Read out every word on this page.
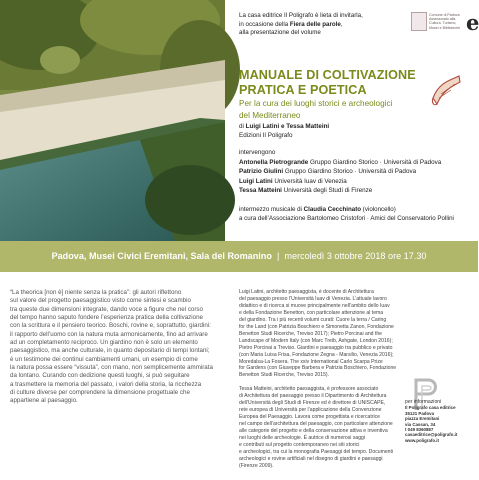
La casa editrice Il Poligrafo è lieta di invitarla,
in occasione della Fiera delle parole,
alla presentazione del volume
Comune di Padova
Assessorato alla Cultura, Turismo,
Musei e Biblioteche e
MANUALE DI COLTIVAZIONE
PRATICA E POETICA
Per la cura dei luoghi storici e archeologici
del Mediterraneo
di Luigi Latini e Tessa Matteini
Edizioni Il Poligrafo
intervengono
Antonella Pietrogrande Gruppo Giardino Storico · Università di Padova
Patrizio Giulini Gruppo Giardino Storico · Università di Padova
Luigi Latini Università Iuav di Venezia
Tessa Matteini Università degli Studi di Firenze
intermezzo musicale di Claudia Cecchinato (violoncello)
a cura dell’Associazione Bartolomeo Cristofori · Amici del Conservatorio Pollini
Padova, Musei Civici Eremitani, Sala del Romanino  |  mercoledì 3 ottobre 2018 ore 17.30
“La theorica [non è] niente senza la pratica”: gli autori riflettono
sul valore del progetto paesaggistico visto come sintesi e scambio
tra queste due dimensioni integrate, dando voce a figure che nel corso
del tempo hanno saputo fondere l’esperienza pratica della coltivazione
con la scrittura e il pensiero teorico. Boschi, rovine e, soprattutto, giardini:
il rapporto dell’uomo con la natura muta armonicamente, fino ad arrivare
ad un completamento reciproco. Un giardino non è solo un elemento
paesaggistico, ma anche culturale, in quanto depositario di tempi lontani;
è un testimone dei continui cambiamenti umani, un esempio di come
la natura possa essere “vissuta”, con mano, non semplicemente ammirata
da lontano. Curando con dedizione questi luoghi, si può seguitare
a trasmettere la memoria del passato, i valori della storia, la ricchezza
di culture diverse per comprendere la dimensione progettuale che
appartiene al paesaggio.

Luigi Latini, architetto paesaggista, è docente di Architettura
del paesaggio presso l’Università Iuav di Venezia. L’attuale lavoro
didattico e di ricerca si muove principalmente nell’ambito dello Iuav
e della Fondazione Benetton, con particolare attenzione al tema
del giardino. Tra i più recenti volumi curati: Cuore la terra / Caring
for the Land (con Patrizia Boschiero e Simonetta Zanon, Fondazione
Benetton Studi Ricerche, Treviso 2017); Pietro Porcinai and the
Landscape of Modern Italy (con Marc Treib, Ashgate, London 2016);
Pietro Porcinai a Treviso. Giardini e paesaggio tra pubblico e privato
(con Maria Luisa Frisa, Fondazione Zegna - Marsilio, Venezia 2016);
Moredalsa-La Fosera. The xxiv International Carlo Scarpa Prize
for Gardens (con Giuseppe Barbera e Patrizia Boschiero, Fondazione
Benetton Studi Ricerche, Treviso 2015).

Tessa Matteini, architetto paesaggista, è professore associato
di Architettura del paesaggio presso il Dipartimento di Architettura
dell’Università degli Studi di Firenze ed è direttore di UNISCAPE,
rete europea di Università per l’applicazione della Convenzione
Europea del Paesaggio. Lavora come progettista e ricercatrice
nel campo dell’architettura del paesaggio, con particolare attenzione
alle categorie del progetto e della conservazione attiva e inventiva
nei luoghi delle archeologie. È autrice di numerosi saggi
e contributi sul progetto contemporaneo nei siti storici
e archeologici, tra cui la monografia Paesaggi del tempo. Documenti
archeologici e rovine artificiali nel disegno di giardini e paesaggi
(Firenze 2009).

per informazioni
Il Poligrafo casa editrice
35121 Padova
piazza Eremitani
via Cassan, 34
t 049 8360887
casaeditrice@poligrafo.it
www.poligrafo.it
